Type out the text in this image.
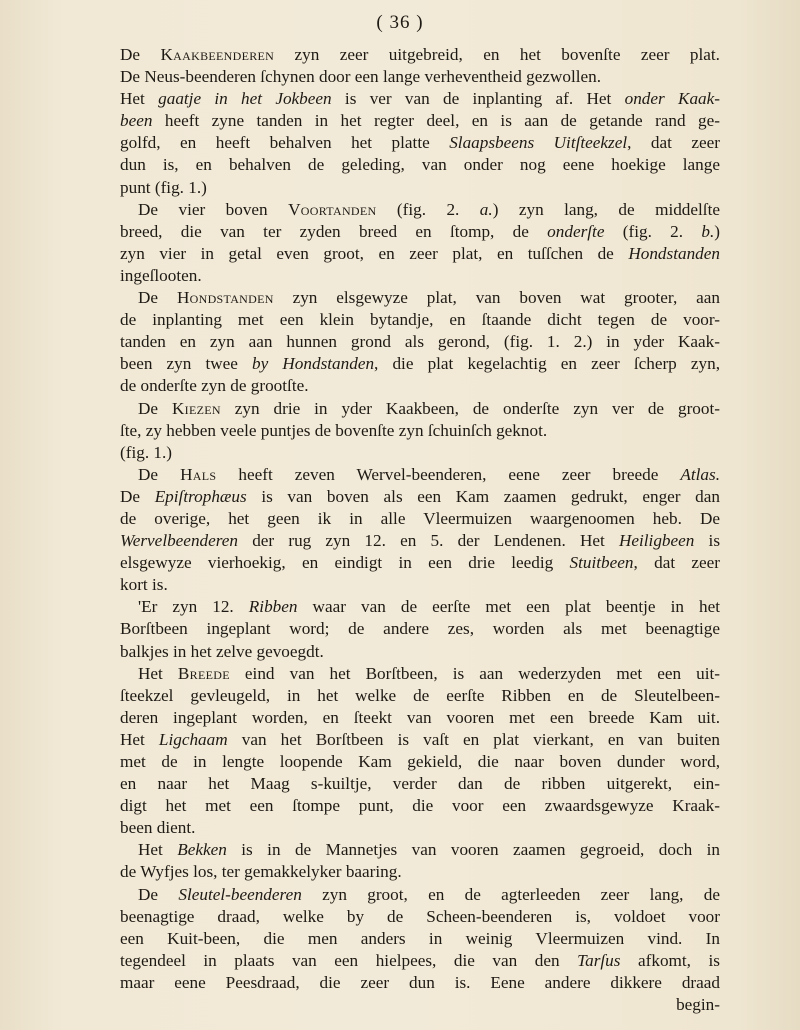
( 36 )
De Kaakbeenderen zyn zeer uitgebreid, en het bovenſte zeer plat.
De Neus-beenderen ſchynen door een lange verheventheid gezwollen.
Het gaatje in het Jokbeen is ver van de inplanting af. Het onder Kaak-
been heeft zyne tanden in het regter deel, en is aan de getande rand ge-
golfd, en heeft behalven het platte Slaapsbeens Uitſteekzel, dat zeer
dun is, en behalven de geleding, van onder nog eene hoekige lange
punt (fig. 1.)
De vier boven Voortanden (fig. 2. a.) zyn lang, de middelſte
breed, die van ter zyden breed en ſtomp, de onderſte (fig. 2. b.)
zyn vier in getal even groot, en zeer plat, en tuſſchen de Hondstanden
ingeſlooten.
De Hondstanden zyn elsgewyze plat, van boven wat grooter, aan
de inplanting met een klein bytandje, en ſtaande dicht tegen de voor-
tanden en zyn aan hunnen grond als gerond, (fig. 1. 2.) in yder Kaak-
been zyn twee by Hondstanden, die plat kegelachtig en zeer ſcherp zyn,
de onderſte zyn de grootſte.
De Kiezen zyn drie in yder Kaakbeen, de onderſte zyn ver de groot-
ſte, zy hebben veele puntjes de bovenſte zyn ſchuinſch geknot.
(fig. 1.)
De Hals heeft zeven Wervel-beenderen, eene zeer breede Atlas.
De Epiſtrophæus is van boven als een Kam zaamen gedrukt, enger dan
de overige, het geen ik in alle Vleermuizen waargenoomen heb. De
Wervelbeenderen der rug zyn 12. en 5. der Lendenen. Het Heiligbeen is
elsgewyze vierhoekig, en eindigt in een drie leedig Stuitbeen, dat zeer
kort is.
'Er zyn 12. Ribben waar van de eerſte met een plat beentje in het
Borſtbeen ingeplant word; de andere zes, worden als met beenagtige
balkjes in het zelve gevoegdt.
Het Breede eind van het Borſtbeen, is aan wederzyden met een uit-
ſteekzel gevleugeld, in het welke de eerſte Ribben en de Sleutelbeen-
deren ingeplant worden, en ſteekt van vooren met een breede Kam uit.
Het Ligchaam van het Borſtbeen is vaſt en plat vierkant, en van buiten
met de in lengte loopende Kam gekield, die naar boven dunder word,
en naar het Maag s-kuiltje, verder dan de ribben uitgerekt, ein-
digt het met een ſtompe punt, die voor een zwaardsgewyze Kraak-
been dient.
Het Bekken is in de Mannetjes van vooren zaamen gegroeid, doch in
de Wyfjes los, ter gemakkelyker baaring.
De Sleutel-beenderen zyn groot, en de agterleeden zeer lang, de
beenagtige draad, welke by de Scheen-beenderen is, voldoet voor
een Kuit-been, die men anders in weinig Vleermuizen vind. In
tegendeel in plaats van een hielpees, die van den Tarſus afkomt, is
maar eene Peesdraad, die zeer dun is. Eene andere dikkere draad
begin-
